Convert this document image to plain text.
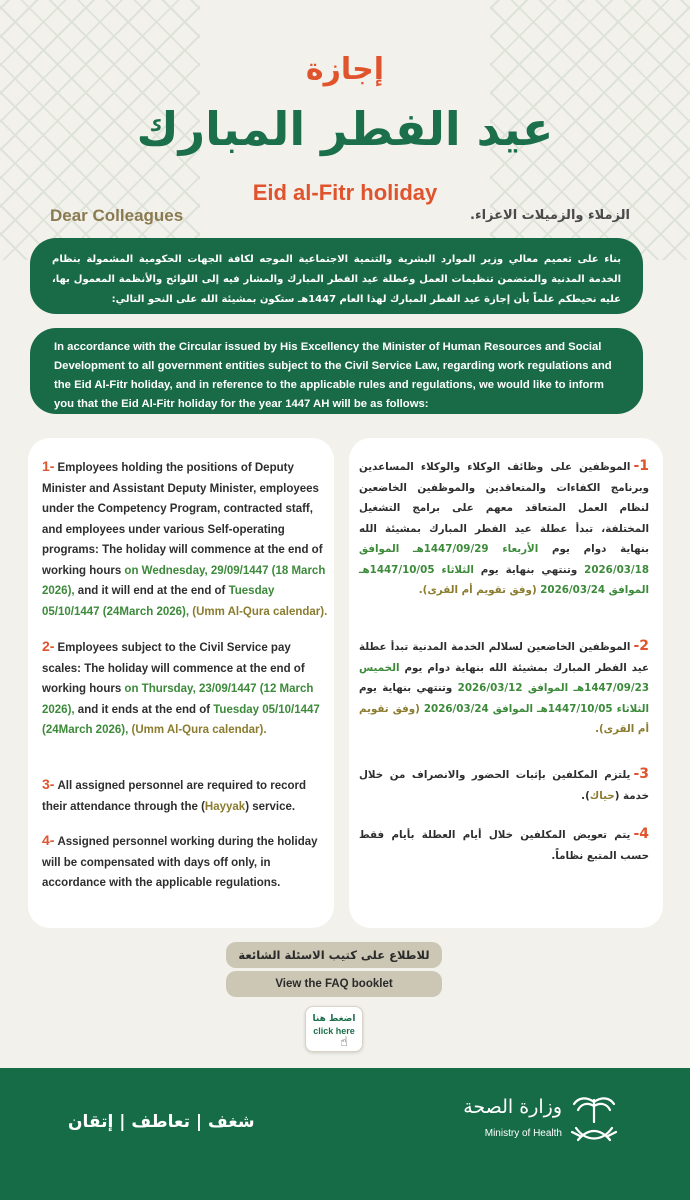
إجازة
عيد الفطر المبارك
Eid al-Fitr holiday
Dear Colleagues	الزملاء والزميلات الاعزاء.
بناء على تعميم معالي وزير الموارد البشرية والتنمية الاجتماعية الموجه لكافة الجهات الحكومية المشمولة بنظام الخدمة المدنية والمتضمن تنظيمات العمل وعطلة عيد الفطر المبارك والمشار فيه إلى اللوائح والأنظمة المعمول بها، عليه نحيطكم علماً بأن إجازة عيد الفطر المبارك لهذا العام 1447هـ ستكون بمشيئة الله على النحو التالي:
In accordance with the Circular issued by His Excellency the Minister of Human Resources and Social Development to all government entities subject to the Civil Service Law, regarding work regulations and the Eid Al-Fitr holiday, and in reference to the applicable rules and regulations, we would like to inform you that the Eid Al-Fitr holiday for the year 1447 AH will be as follows:
1- Employees holding the positions of Deputy Minister and Assistant Deputy Minister, employees under the Competency Program, contracted staff, and employees under various Self-operating programs: The holiday will commence at the end of working hours on Wednesday, 29/09/1447 (18 March 2026), and it will end at the end of Tuesday 05/10/1447 (24March 2026), (Umm Al-Qura calendar).
2- Employees subject to the Civil Service pay scales: The holiday will commence at the end of working hours on Thursday, 23/09/1447 (12 March 2026), and it ends at the end of Tuesday 05/10/1447 (24March 2026), (Umm Al-Qura calendar).
3- All assigned personnel are required to record their attendance through the (Hayyak) service.
4- Assigned personnel working during the holiday will be compensated with days off only, in accordance with the applicable regulations.
1-الموظفين على وظائف الوكلاء والوكلاء المساعدين وبرنامج الكفاءات والمتعاقدين والموظفين الخاضعين لنظام العمل المتعاقد معهم على برامج التشغيل المختلفة، تبدأ عطلة عيد الفطر المبارك بمشيئة الله بنهاية دوام يوم الأربعاء 1447/09/29هـ الموافق 2026/03/18 وتنتهي بنهاية يوم الثلاثاء 1447/10/05هـ الموافق 2026/03/24 (وفق تقويم أم القرى).
2-الموظفين الخاضعين لسلالم الخدمة المدنية تبدأ عطلة عيد الفطر المبارك بمشيئة الله بنهاية دوام يوم الخميس 1447/09/23هـ الموافق 2026/03/12 وتنتهي بنهاية يوم الثلاثاء 1447/10/05هـ الموافق 2026/03/24 (وفق تقويم أم القرى).
3-يلتزم المكلفين بإثبات الحضور والانصراف من خلال خدمة (حياك).
4-يتم تعويض المكلفين خلال أيام العطلة بأيام فقط حسب المتبع نظاماً.
للاطلاع على كتيب الاسئلة الشائعة
View the FAQ booklet
اضغط هنا
click here
☝
شغف | تعاطف | إتقان
وزارة الصحة
Ministry of Health
